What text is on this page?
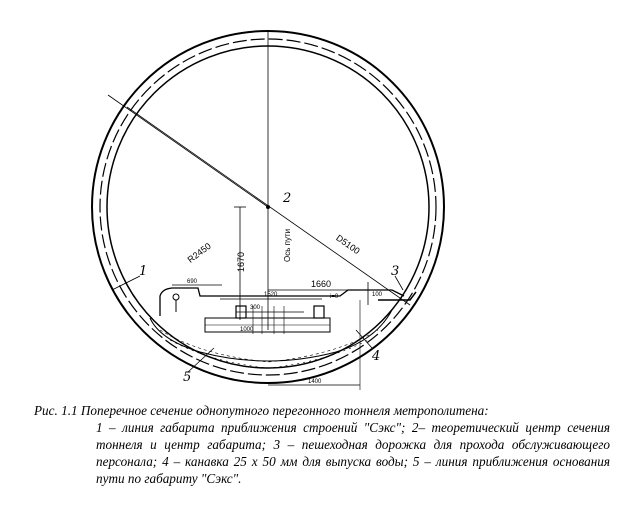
1
2
3
4
5
R2450	D5100
1670	Ось пути
1660
690
1520
300
100
i=0
1000
1400
Рис. 1.1 Поперечное сечение однопутного перегонного тоннеля метрополитена:
1 – линия габарита приближения строений "Сэкс"; 2– теоретический центр сечения тоннеля и центр габарита; 3 – пешеходная дорожка для прохода обслуживающего персонала; 4 – канавка 25 х 50 мм для выпуска воды; 5 – линия приближения основания пути по габариту "Сэкс".
